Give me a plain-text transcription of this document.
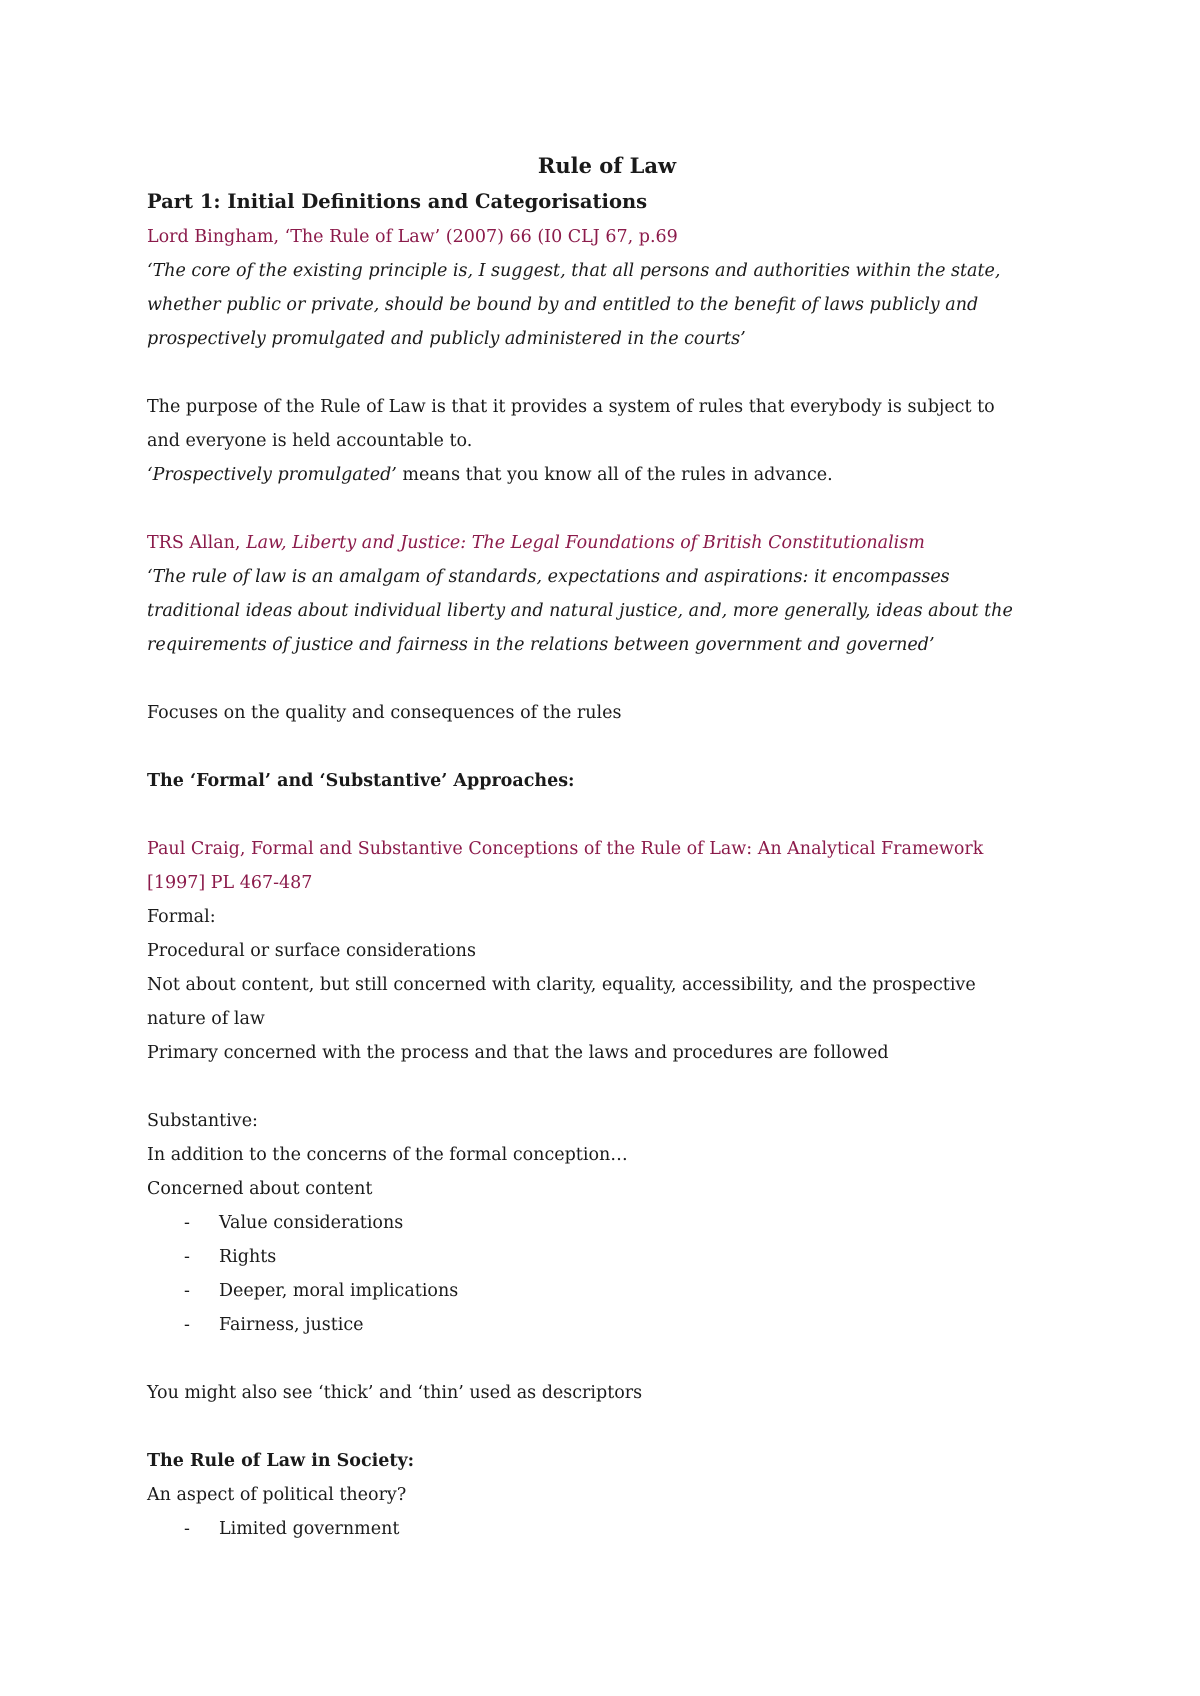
Rule of Law
Part 1: Initial Definitions and Categorisations
Lord Bingham, ‘The Rule of Law’ (2007) 66 (I0 CLJ 67, p.69
‘The core of the existing principle is, I suggest, that all persons and authorities within the state,
whether public or private, should be bound by and entitled to the benefit of laws publicly and
prospectively promulgated and publicly administered in the courts’
The purpose of the Rule of Law is that it provides a system of rules that everybody is subject to
and everyone is held accountable to.
‘Prospectively promulgated’ means that you know all of the rules in advance.
TRS Allan, Law, Liberty and Justice: The Legal Foundations of British Constitutionalism
‘The rule of law is an amalgam of standards, expectations and aspirations: it encompasses
traditional ideas about individual liberty and natural justice, and, more generally, ideas about the
requirements of justice and fairness in the relations between government and governed’
Focuses on the quality and consequences of the rules
The ‘Formal’ and ‘Substantive’ Approaches:
Paul Craig, Formal and Substantive Conceptions of the Rule of Law: An Analytical Framework
[1997] PL 467-487
Formal:
Procedural or surface considerations
Not about content, but still concerned with clarity, equality, accessibility, and the prospective
nature of law
Primary concerned with the process and that the laws and procedures are followed
Substantive:
In addition to the concerns of the formal conception…
Concerned about content
- Value considerations
- Rights
- Deeper, moral implications
- Fairness, justice
You might also see ‘thick’ and ‘thin’ used as descriptors
The Rule of Law in Society:
An aspect of political theory?
- Limited government
